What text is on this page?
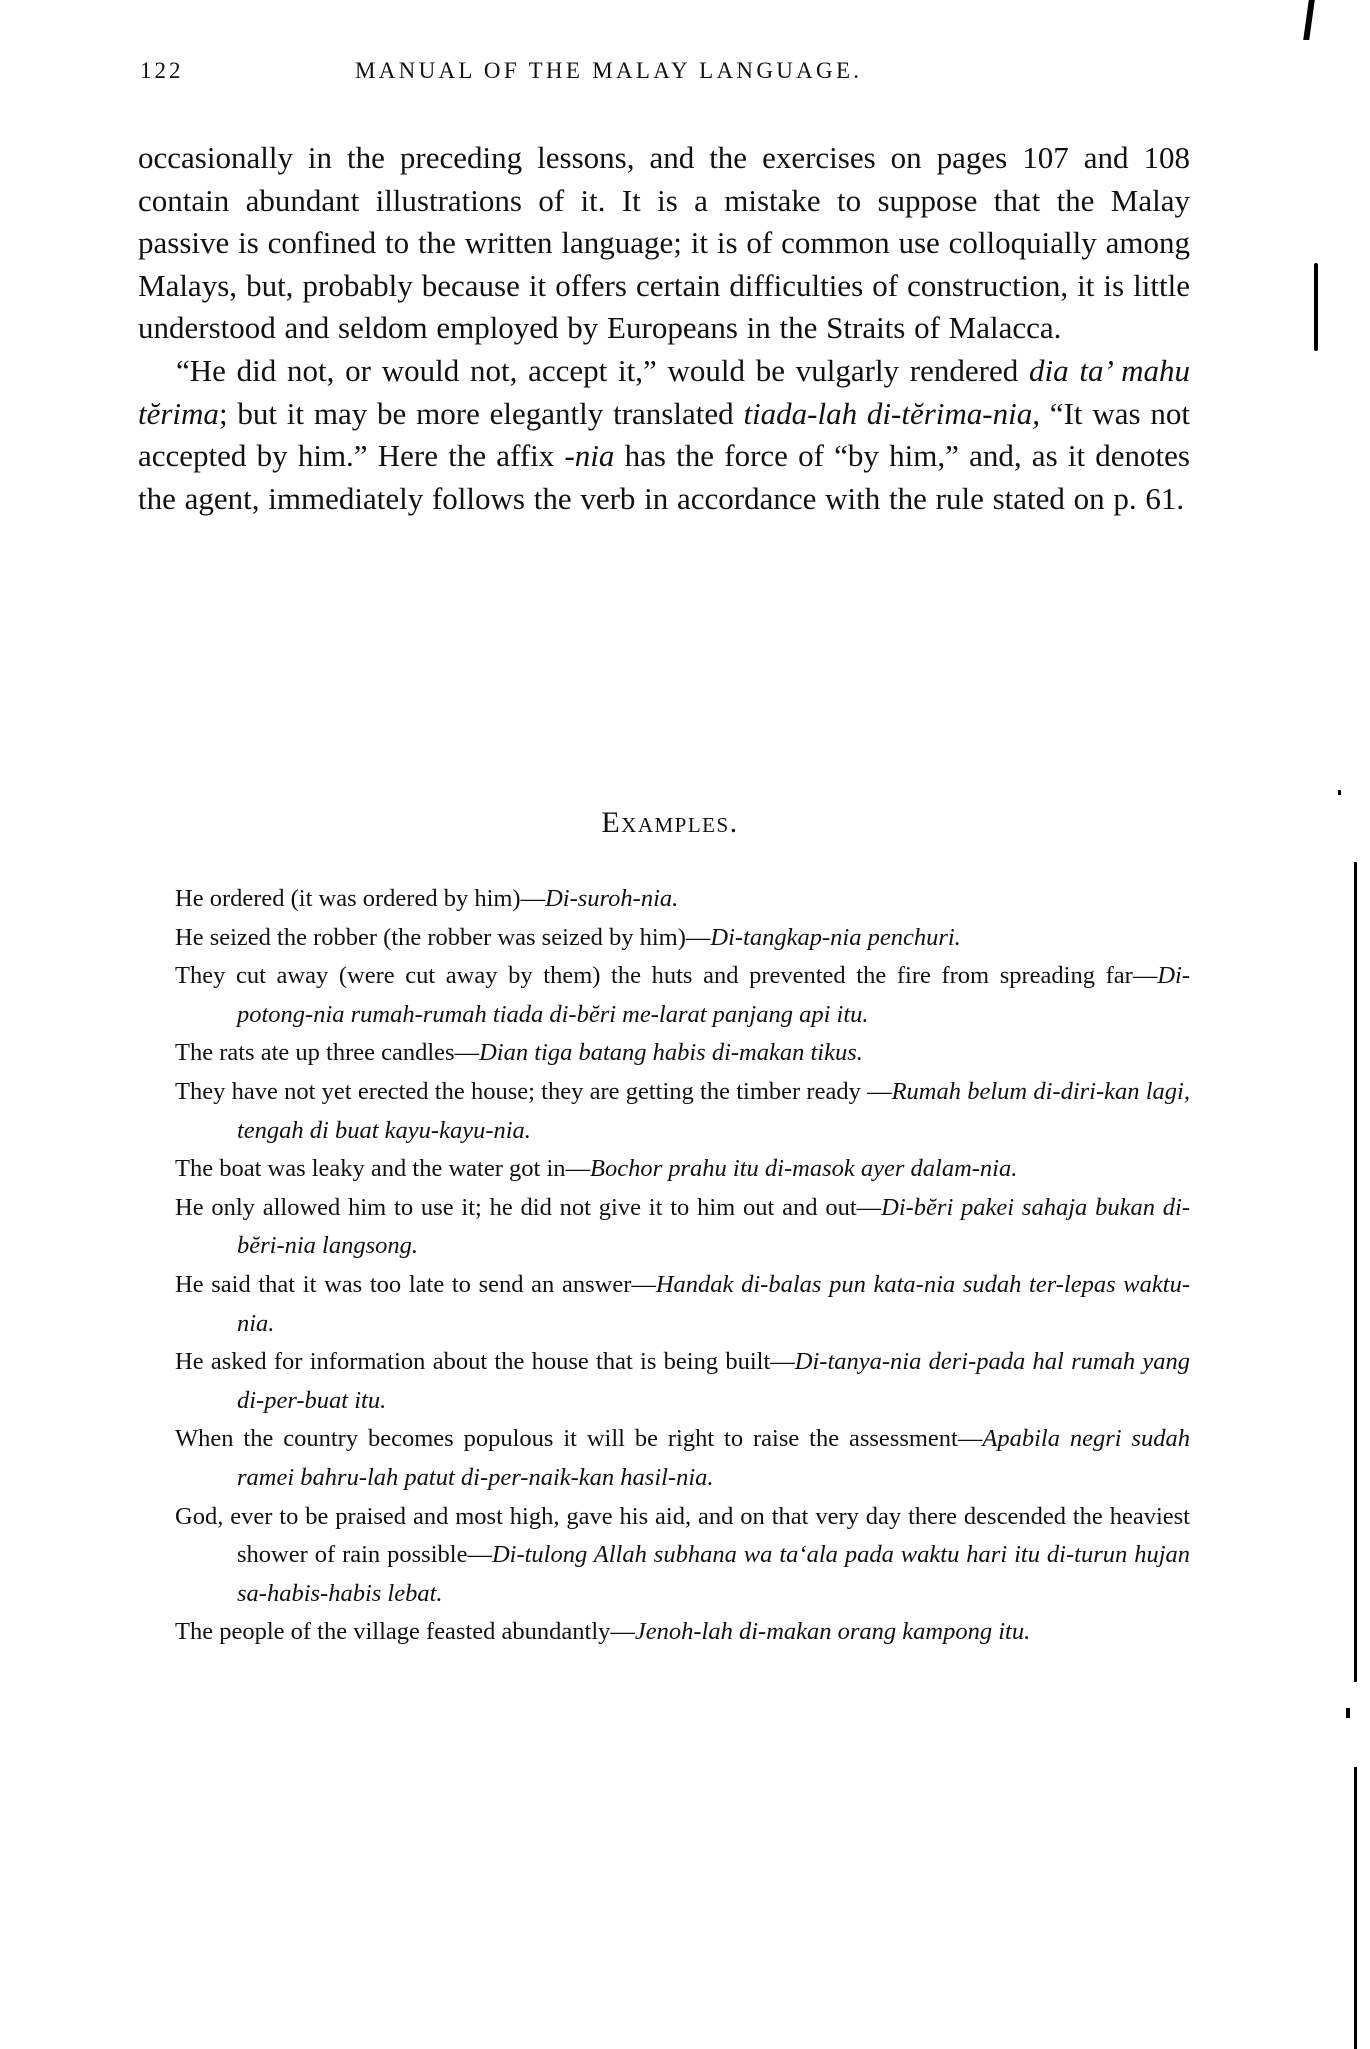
122	MANUAL OF THE MALAY LANGUAGE.

occasionally in the preceding lessons, and the exercises on pages 107 and 108 contain abundant illustrations of it. It is a mistake to suppose that the Malay passive is confined to the written language; it is of common use colloquially among Malays, but, probably because it offers certain difficulties of construction, it is little understood and seldom employed by Europeans in the Straits of Malacca.

“He did not, or would not, accept it,” would be vulgarly rendered dia ta’ mahu tĕrima; but it may be more elegantly translated tiada-lah di-tĕrima-nia, “It was not accepted by him.” Here the affix -nia has the force of “by him,” and, as it denotes the agent, immediately follows the verb in accordance with the rule stated on p. 61.

Examples.

He ordered (it was ordered by him)—Di-suroh-nia.

He seized the robber (the robber was seized by him)—Di-tangkap-nia penchuri.

They cut away (were cut away by them) the huts and prevented the fire from spreading far—Di-potong-nia rumah-rumah tiada di-bĕri me-larat panjang api itu.

The rats ate up three candles—Dian tiga batang habis di-makan tikus.

They have not yet erected the house; they are getting the timber ready —Rumah belum di-diri-kan lagi, tengah di buat kayu-kayu-nia.

The boat was leaky and the water got in—Bochor prahu itu di-masok ayer dalam-nia.

He only allowed him to use it; he did not give it to him out and out—Di-bĕri pakei sahaja bukan di-bĕri-nia langsong.

He said that it was too late to send an answer—Handak di-balas pun kata-nia sudah ter-lepas waktu-nia.

He asked for information about the house that is being built—Di-tanya-nia deri-pada hal rumah yang di-per-buat itu.

When the country becomes populous it will be right to raise the assessment—Apabila negri sudah ramei bahru-lah patut di-per-naik-kan hasil-nia.

God, ever to be praised and most high, gave his aid, and on that very day there descended the heaviest shower of rain possible—Di-tulong Allah subhana wa ta‘ala pada waktu hari itu di-turun hujan sa-habis-habis lebat.

The people of the village feasted abundantly—Jenoh-lah di-makan orang kampong itu.
